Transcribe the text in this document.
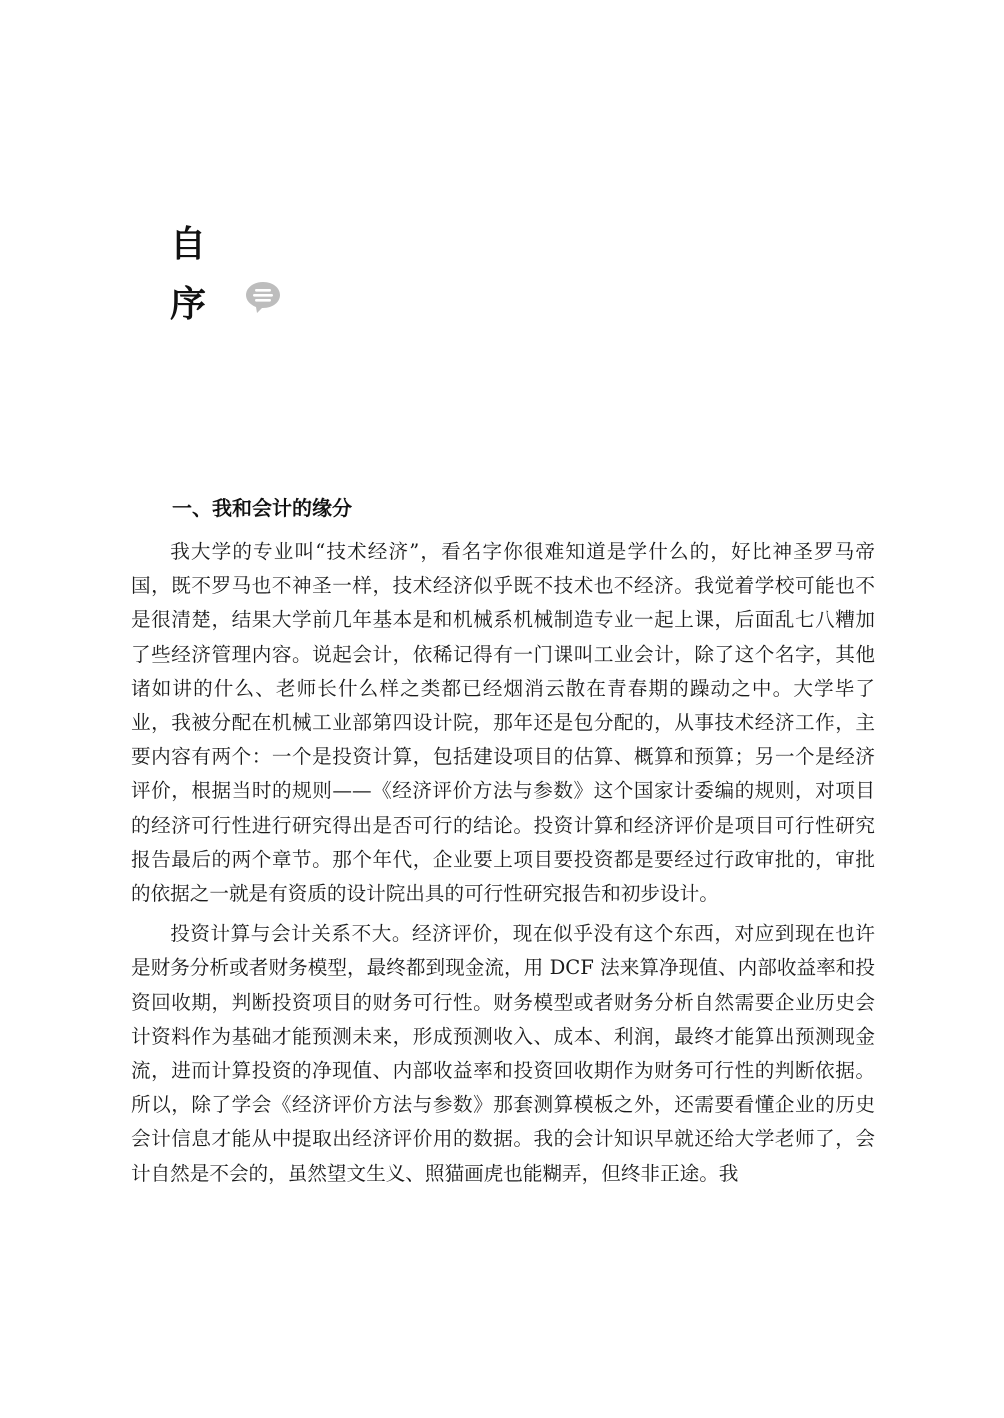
自
序
一、我和会计的缘分

我大学的专业叫“技术经济”，看名字你很难知道是学什么的，好比神圣罗马帝国，既不罗马也不神圣一样，技术经济似乎既不技术也不经济。我觉着学校可能也不是很清楚，结果大学前几年基本是和机械系机械制造专业一起上课，后面乱七八糟加了些经济管理内容。说起会计，依稀记得有一门课叫工业会计，除了这个名字，其他诸如讲的什么、老师长什么样之类都已经烟消云散在青春期的躁动之中。大学毕了业，我被分配在机械工业部第四设计院，那年还是包分配的，从事技术经济工作，主要内容有两个：一个是投资计算，包括建设项目的估算、概算和预算；另一个是经济评价，根据当时的规则——《经济评价方法与参数》这个国家计委编的规则，对项目的经济可行性进行研究得出是否可行的结论。投资计算和经济评价是项目可行性研究报告最后的两个章节。那个年代，企业要上项目要投资都是要经过行政审批的，审批的依据之一就是有资质的设计院出具的可行性研究报告和初步设计。

投资计算与会计关系不大。经济评价，现在似乎没有这个东西，对应到现在也许是财务分析或者财务模型，最终都到现金流，用 DCF 法来算净现值、内部收益率和投资回收期，判断投资项目的财务可行性。财务模型或者财务分析自然需要企业历史会计资料作为基础才能预测未来，形成预测收入、成本、利润，最终才能算出预测现金流，进而计算投资的净现值、内部收益率和投资回收期作为财务可行性的判断依据。所以，除了学会《经济评价方法与参数》那套测算模板之外，还需要看懂企业的历史会计信息才能从中提取出经济评价用的数据。我的会计知识早就还给大学老师了，会计自然是不会的，虽然望文生义、照猫画虎也能糊弄，但终非正途。我
